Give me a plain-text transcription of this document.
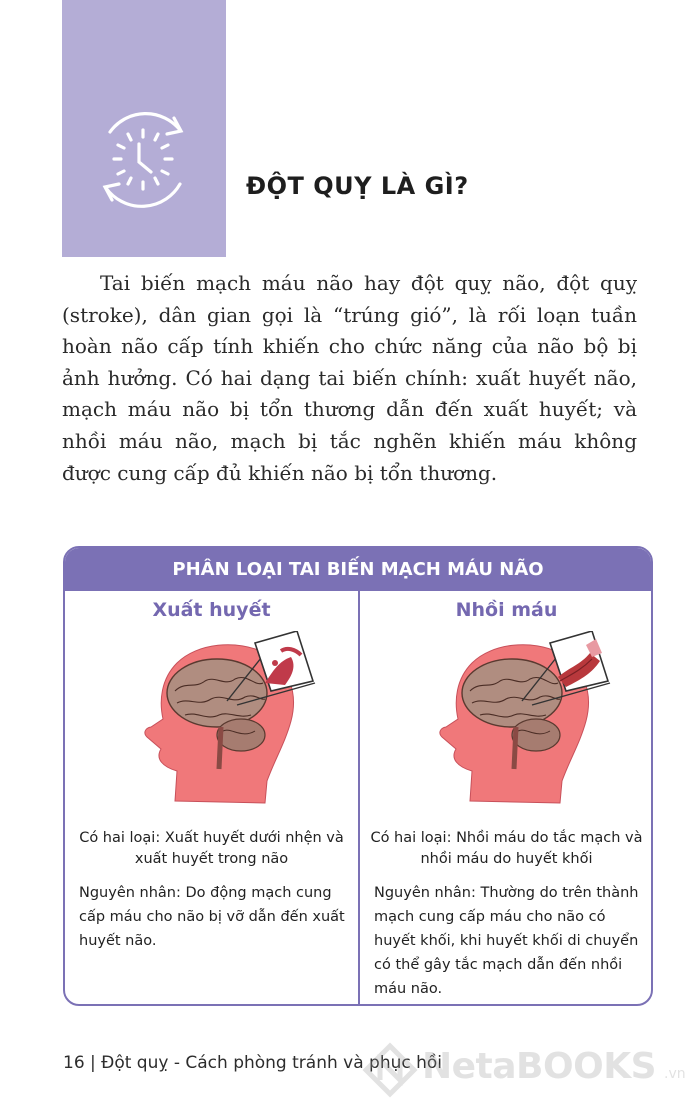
ĐỘT QUỴ LÀ GÌ?

Tai biến mạch máu não hay đột quỵ não, đột quỵ (stroke), dân gian gọi là “trúng gió”, là rối loạn tuần hoàn não cấp tính khiến cho chức năng của não bộ bị ảnh hưởng. Có hai dạng tai biến chính: xuất huyết não, mạch máu não bị tổn thương dẫn đến xuất huyết; và nhồi máu não, mạch bị tắc nghẽn khiến máu không được cung cấp đủ khiến não bị tổn thương.

PHÂN LOẠI TAI BIẾN MẠCH MÁU NÃO
Xuất huyết
Có hai loại: Xuất huyết dưới nhện và xuất huyết trong não
Nguyên nhân: Do động mạch cung cấp máu cho não bị vỡ dẫn đến xuất huyết não.
Nhồi máu
Có hai loại: Nhồi máu do tắc mạch và nhồi máu do huyết khối
Nguyên nhân: Thường do trên thành mạch cung cấp máu cho não có huyết khối, khi huyết khối di chuyển có thể gây tắc mạch dẫn đến nhồi máu não.
16 | Đột quỵ - Cách phòng tránh và phục hồi
NetaBOOKS .vn
